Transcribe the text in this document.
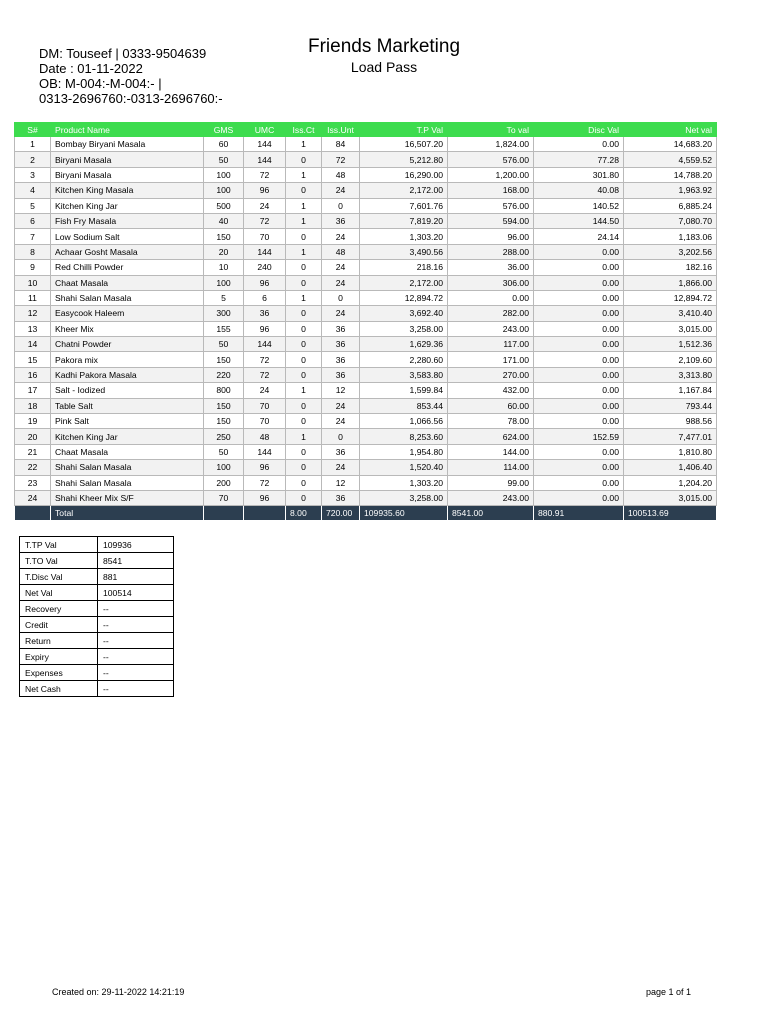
DM: Touseef | 0333-9504639
Date : 01-11-2022
OB: M-004:-M-004:- |
0313-2696760:-0313-2696760:-
Friends Marketing
Load Pass
S#	Product Name	GMS	UMC	Iss.Ct	Iss.Unt	T.P Val	To val	Disc Val	Net val
1	Bombay Biryani Masala	60	144	1	84	16,507.20	1,824.00	0.00	14,683.20
2	Biryani Masala	50	144	0	72	5,212.80	576.00	77.28	4,559.52
3	Biryani Masala	100	72	1	48	16,290.00	1,200.00	301.80	14,788.20
4	Kitchen King Masala	100	96	0	24	2,172.00	168.00	40.08	1,963.92
5	Kitchen King Jar	500	24	1	0	7,601.76	576.00	140.52	6,885.24
6	Fish Fry Masala	40	72	1	36	7,819.20	594.00	144.50	7,080.70
7	Low Sodium Salt	150	70	0	24	1,303.20	96.00	24.14	1,183.06
8	Achaar Gosht Masala	20	144	1	48	3,490.56	288.00	0.00	3,202.56
9	Red Chilli Powder	10	240	0	24	218.16	36.00	0.00	182.16
10	Chaat Masala	100	96	0	24	2,172.00	306.00	0.00	1,866.00
11	Shahi Salan Masala	5	6	1	0	12,894.72	0.00	0.00	12,894.72
12	Easycook Haleem	300	36	0	24	3,692.40	282.00	0.00	3,410.40
13	Kheer Mix	155	96	0	36	3,258.00	243.00	0.00	3,015.00
14	Chatni Powder	50	144	0	36	1,629.36	117.00	0.00	1,512.36
15	Pakora mix	150	72	0	36	2,280.60	171.00	0.00	2,109.60
16	Kadhi Pakora Masala	220	72	0	36	3,583.80	270.00	0.00	3,313.80
17	Salt - Iodized	800	24	1	12	1,599.84	432.00	0.00	1,167.84
18	Table Salt	150	70	0	24	853.44	60.00	0.00	793.44
19	Pink Salt	150	70	0	24	1,066.56	78.00	0.00	988.56
20	Kitchen King Jar	250	48	1	0	8,253.60	624.00	152.59	7,477.01
21	Chaat Masala	50	144	0	36	1,954.80	144.00	0.00	1,810.80
22	Shahi Salan Masala	100	96	0	24	1,520.40	114.00	0.00	1,406.40
23	Shahi Salan Masala	200	72	0	12	1,303.20	99.00	0.00	1,204.20
24	Shahi Kheer Mix S/F	70	96	0	36	3,258.00	243.00	0.00	3,015.00
	Total			8.00	720.00	109935.60	8541.00	880.91	100513.69
T.TP Val	109936
T.TO Val	8541
T.Disc Val	881
Net Val	100514
Recovery	--
Credit	--
Return	--
Expiry	--
Expenses	--
Net Cash	--
Created on: 29-11-2022 14:21:19	page 1 of 1
